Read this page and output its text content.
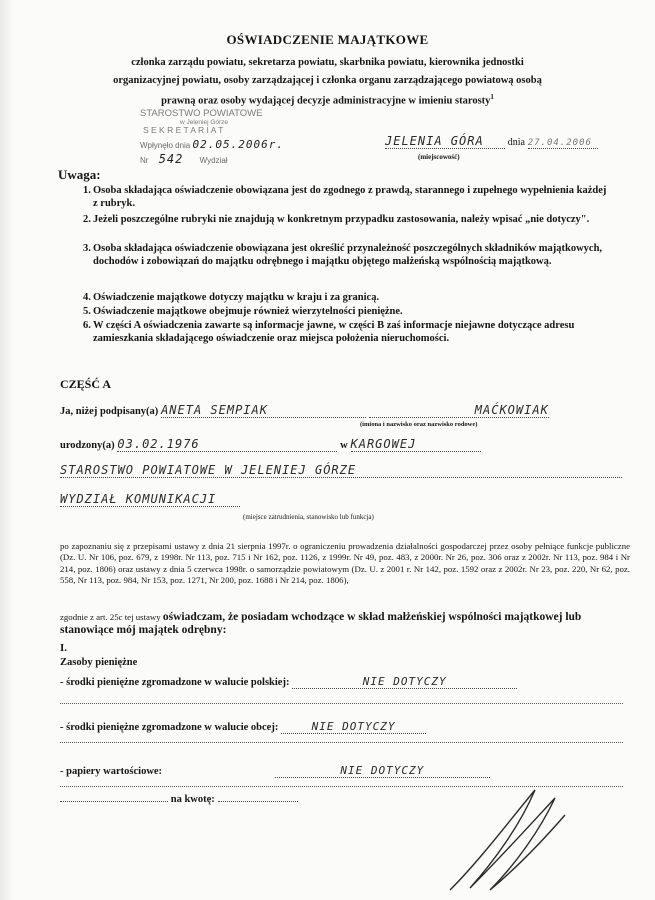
OŚWIADCZENIE MAJĄTKOWE
członka zarządu powiatu, sekretarza powiatu, skarbnika powiatu, kierownika jednostki
organizacyjnej powiatu, osoby zarządzającej i członka organu zarządzającego powiatową osobą
prawną oraz osoby wydającej decyzje administracyjne w imieniu starosty$^1$
STAROSTWO POWIATOWE
w Jeleniej Górze
S E K R E T A R I A T
Wpłynęło dnia 02.05.2006r.
Nr 542 Wydział
JELENIA GÓRA dnia 27.04.2006
(miejscowość)
Uwaga:
1. Osoba składająca oświadczenie obowiązana jest do zgodnego z prawdą, starannego i zupełnego wypełnienia każdej z rubryk.
2. Jeżeli poszczególne rubryki nie znajdują w konkretnym przypadku zastosowania, należy wpisać „nie dotyczy".
3. Osoba składająca oświadczenie obowiązana jest określić przynależność poszczególnych składników majątkowych, dochodów i zobowiązań do majątku odrębnego i majątku objętego małżeńską wspólnością majątkową.
4. Oświadczenie majątkowe dotyczy majątku w kraju i za granicą.
5. Oświadczenie majątkowe obejmuje również wierzytelności pieniężne.
6. W części A oświadczenia zawarte są informacje jawne, w części B zaś informacje niejawne dotyczące adresu zamieszkania składającego oświadczenie oraz miejsca położenia nieruchomości.
CZĘŚĆ A
Ja, niżej podpisany(a) ANETA SEMPIAK	MAĆKOWIAK
(imiona i nazwisko oraz nazwisko rodowe)
urodzony(a) 03.02.1976	w KARGOWEJ
STAROSTWO POWIATOWE W JELENIEJ GÓRZE
WYDZIAŁ KOMUNIKACJI
(miejsce zatrudnienia, stanowisko lub funkcja)
po zapoznaniu się z przepisami ustawy z dnia 21 sierpnia 1997r. o ograniczeniu prowadzenia działalności gospodarczej przez osoby pełniące funkcje publiczne (Dz. U. Nr 106, poz. 679, z 1998r. Nr 113, poz. 715 i Nr 162, poz. 1126, z 1999r. Nr 49, poz. 483, z 2000r. Nr 26, poz. 306 oraz z 2002r. Nr 113, poz. 984 i Nr 214, poz. 1806) oraz ustawy z dnia 5 czerwca 1998r. o samorządzie powiatowym (Dz. U. z 2001 r. Nr 142, poz. 1592 oraz z 2002r. Nr 23, poz. 220, Nr 62, poz. 558, Nr 113, poz. 984, Nr 153, poz. 1271, Nr 200, poz. 1688 i Nr 214, poz. 1806),
zgodnie z art. 25c tej ustawy oświadczam, że posiadam wchodzące w skład małżeńskiej wspólności majątkowej lub stanowiące mój majątek odrębny:
I.
Zasoby pieniężne
- środki pieniężne zgromadzone w walucie polskiej:	NIE DOTYCZY
- środki pieniężne zgromadzone w walucie obcej:	NIE DOTYCZY
- papiery wartościowe:	NIE DOTYCZY
na kwotę:
